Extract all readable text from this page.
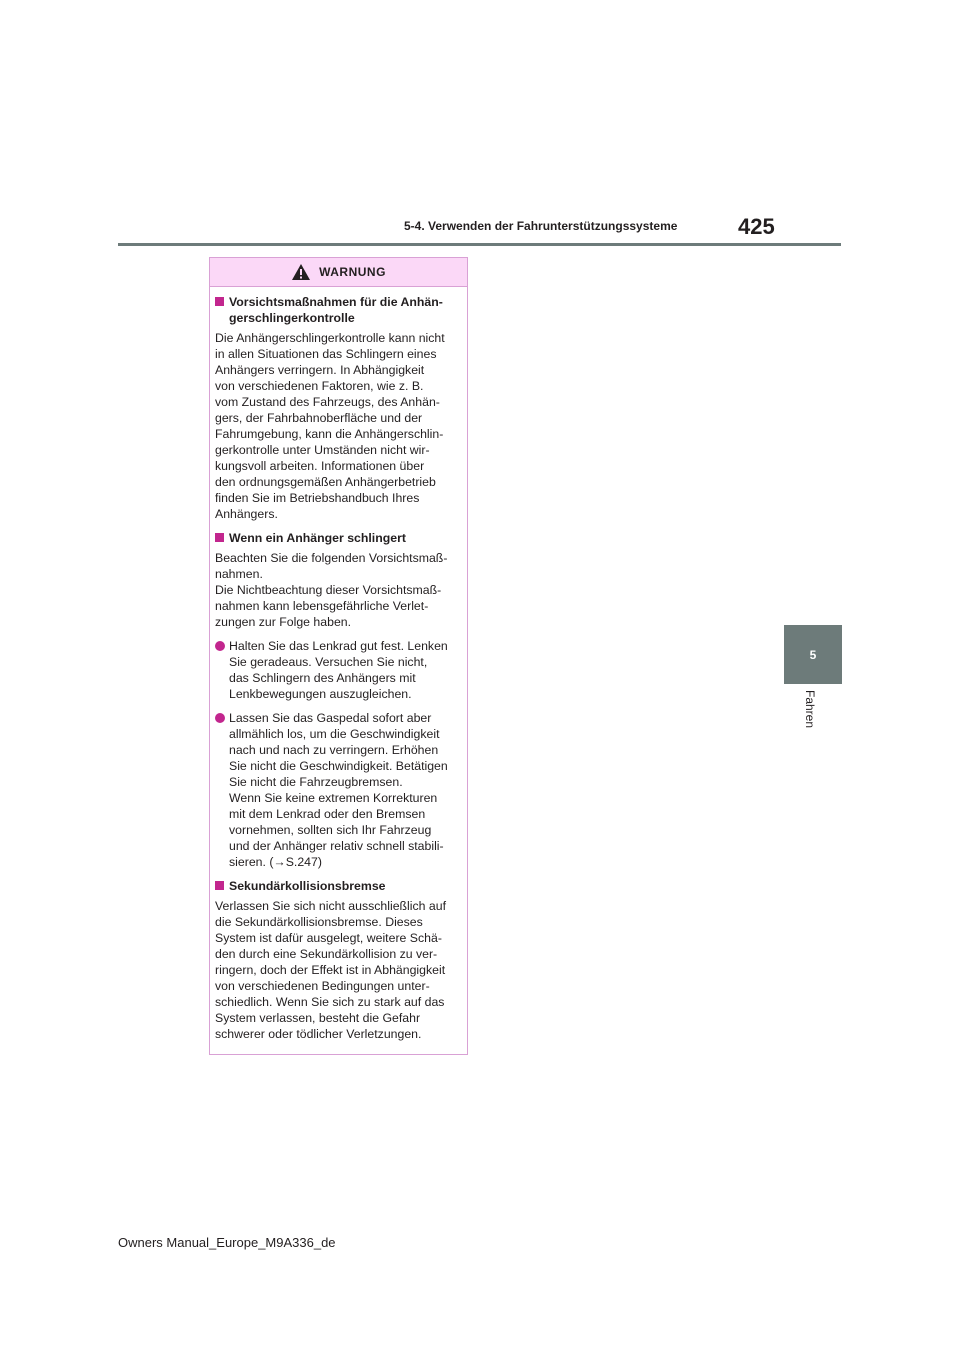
5-4. Verwenden der Fahrunterstützungssysteme	425
5
Fahren
WARNUNG
Vorsichtsmaßnahmen für die Anhän-
gerschlingerkontrolle
Die Anhängerschlingerkontrolle kann nicht
in allen Situationen das Schlingern eines
Anhängers verringern. In Abhängigkeit
von verschiedenen Faktoren, wie z. B.
vom Zustand des Fahrzeugs, des Anhän-
gers, der Fahrbahnoberfläche und der
Fahrumgebung, kann die Anhängerschlin-
gerkontrolle unter Umständen nicht wir-
kungsvoll arbeiten. Informationen über
den ordnungsgemäßen Anhängerbetrieb
finden Sie im Betriebshandbuch Ihres
Anhängers.
Wenn ein Anhänger schlingert
Beachten Sie die folgenden Vorsichtsmaß-
nahmen.
Die Nichtbeachtung dieser Vorsichtsmaß-
nahmen kann lebensgefährliche Verlet-
zungen zur Folge haben.
Halten Sie das Lenkrad gut fest. Lenken
Sie geradeaus. Versuchen Sie nicht,
das Schlingern des Anhängers mit
Lenkbewegungen auszugleichen.
Lassen Sie das Gaspedal sofort aber
allmählich los, um die Geschwindigkeit
nach und nach zu verringern. Erhöhen
Sie nicht die Geschwindigkeit. Betätigen
Sie nicht die Fahrzeugbremsen.
Wenn Sie keine extremen Korrekturen
mit dem Lenkrad oder den Bremsen
vornehmen, sollten sich Ihr Fahrzeug
und der Anhänger relativ schnell stabili-
sieren. (→S.247)
Sekundärkollisionsbremse
Verlassen Sie sich nicht ausschließlich auf
die Sekundärkollisionsbremse. Dieses
System ist dafür ausgelegt, weitere Schä-
den durch eine Sekundärkollision zu ver-
ringern, doch der Effekt ist in Abhängigkeit
von verschiedenen Bedingungen unter-
schiedlich. Wenn Sie sich zu stark auf das
System verlassen, besteht die Gefahr
schwerer oder tödlicher Verletzungen.
Owners Manual_Europe_M9A336_de
